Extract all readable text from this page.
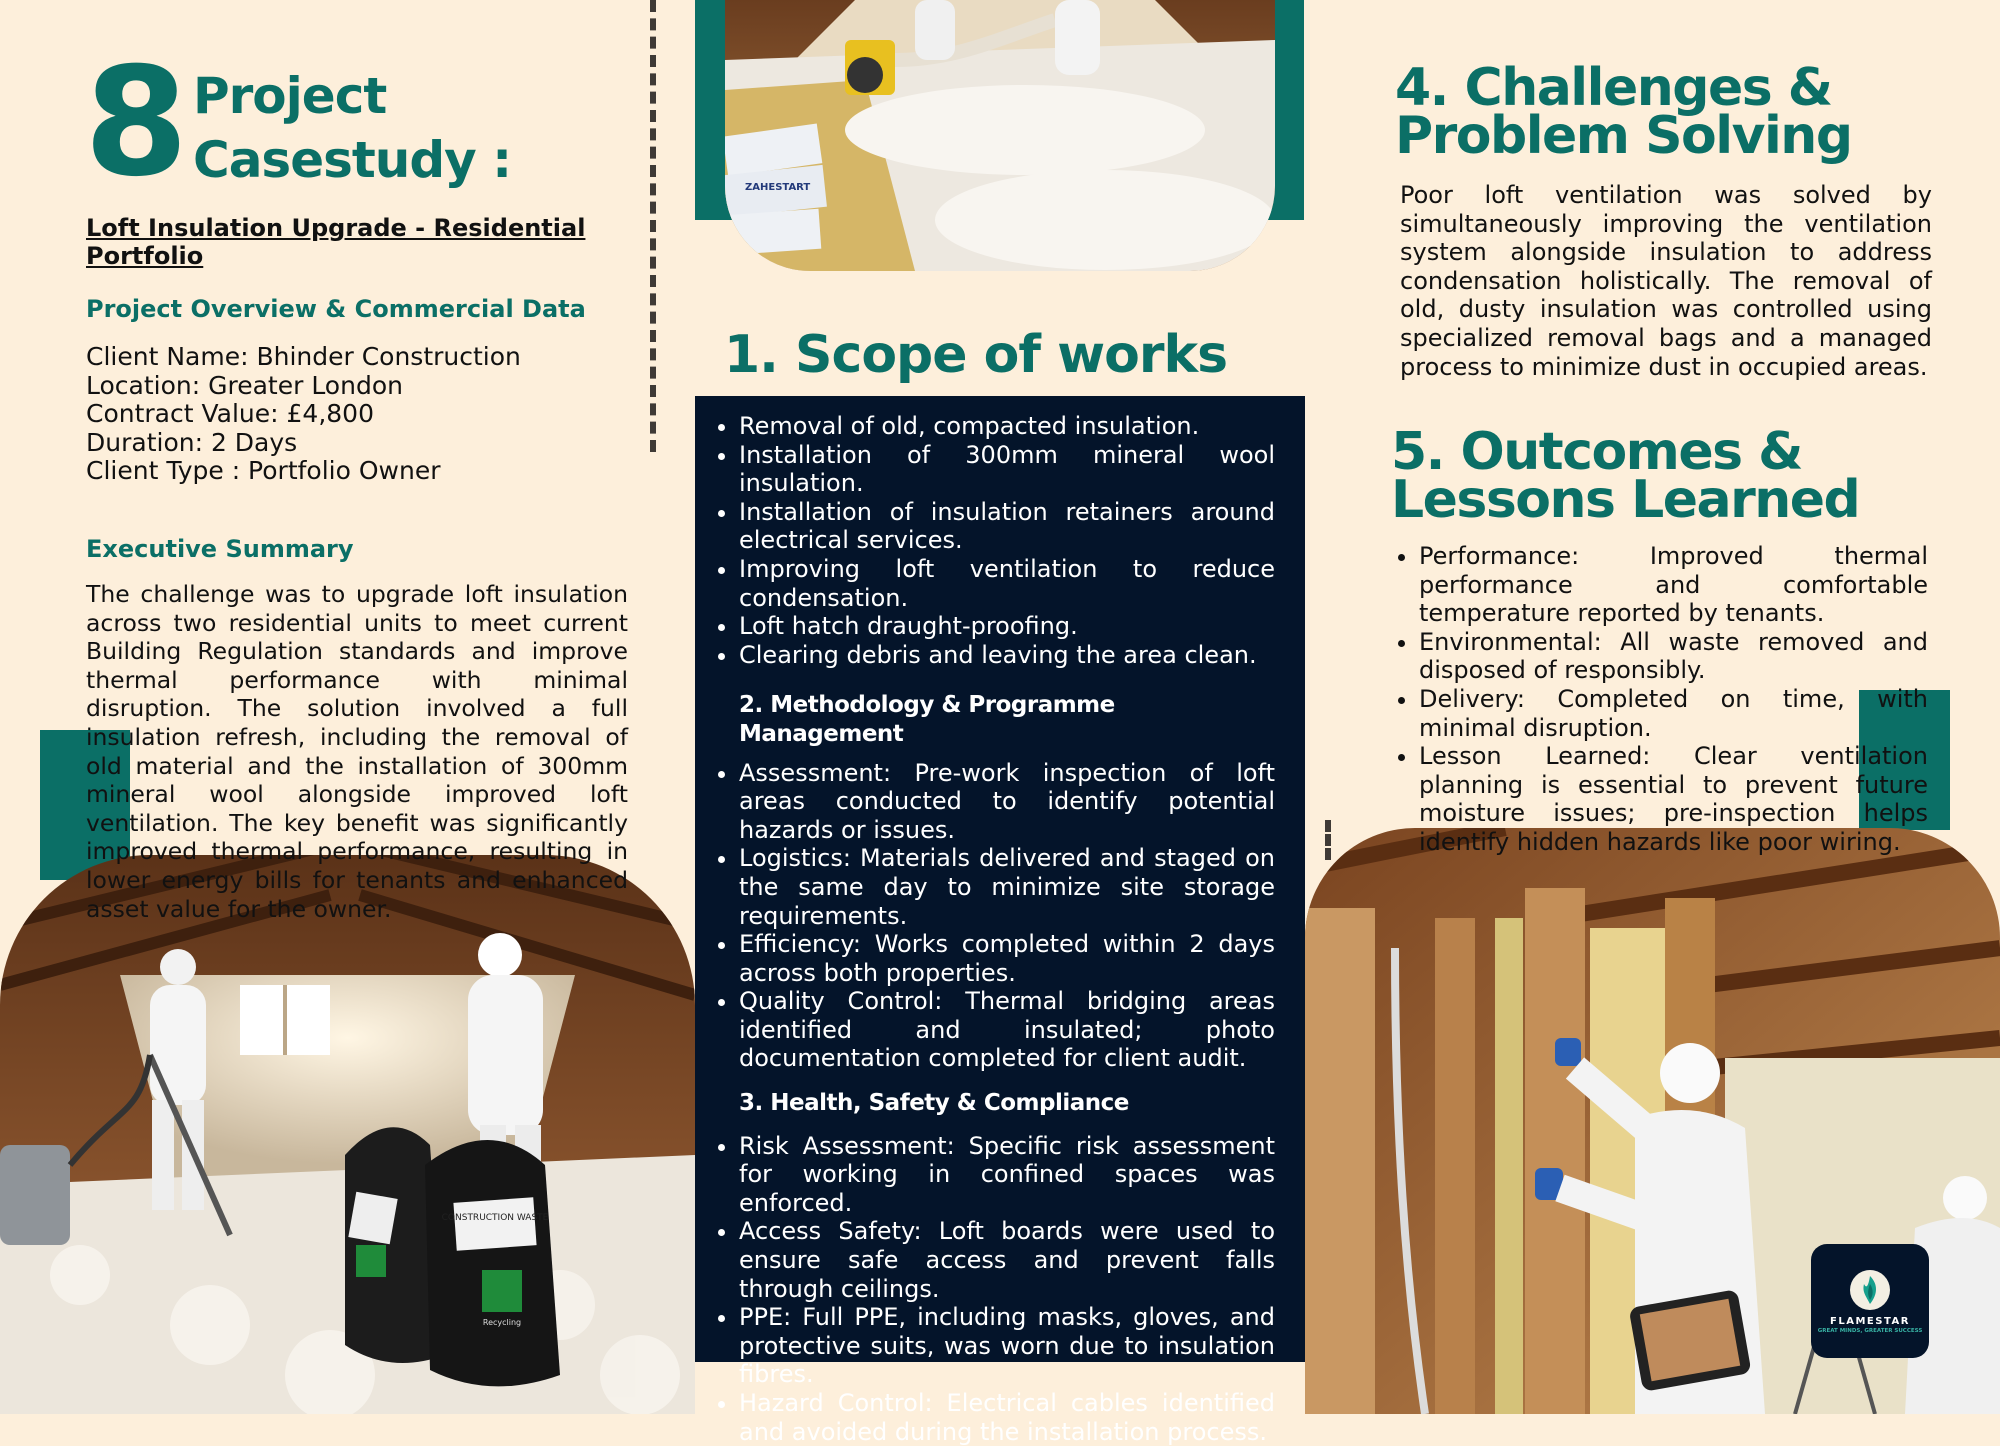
8 Project
Casestudy :
Loft Insulation Upgrade - Residential
Portfolio
Project Overview & Commercial Data
Client Name: Bhinder Construction
Location: Greater London
Contract Value: £4,800
Duration: 2 Days
Client Type : Portfolio Owner
Executive Summary
The challenge was to upgrade loft insulation across two residential units to meet current Building Regulation standards and improve thermal performance with minimal disruption. The solution involved a full insulation refresh, including the removal of old material and the installation of 300mm mineral wool alongside improved loft ventilation. The key benefit was significantly improved thermal performance, resulting in lower energy bills for tenants and enhanced asset value for the owner.
CONSTRUCTION WASTE
Recycling
ZAHESTART
1. Scope of works
• Removal of old, compacted insulation.
• Installation of 300mm mineral wool insulation.
• Installation of insulation retainers around electrical services.
• Improving loft ventilation to reduce condensation.
• Loft hatch draught-proofing.
• Clearing debris and leaving the area clean.
2. Methodology & Programme Management
• Assessment: Pre-work inspection of loft areas conducted to identify potential hazards or issues.
• Logistics: Materials delivered and staged on the same day to minimize site storage requirements.
• Efficiency: Works completed within 2 days across both properties.
• Quality Control: Thermal bridging areas identified and insulated; photo documentation completed for client audit.
3. Health, Safety & Compliance
• Risk Assessment: Specific risk assessment for working in confined spaces was enforced.
• Access Safety: Loft boards were used to ensure safe access and prevent falls through ceilings.
• PPE: Full PPE, including masks, gloves, and protective suits, was worn due to insulation fibres.
• Hazard Control: Electrical cables identified and avoided during the installation process.
4. Challenges &
Problem Solving
Poor loft ventilation was solved by simultaneously improving the ventilation system alongside insulation to address condensation holistically. The removal of old, dusty insulation was controlled using specialized removal bags and a managed process to minimize dust in occupied areas.
5. Outcomes &
Lessons Learned
• Performance: Improved thermal performance and comfortable temperature reported by tenants.
• Environmental: All waste removed and disposed of responsibly.
• Delivery: Completed on time, with minimal disruption.
• Lesson Learned: Clear ventilation planning is essential to prevent future moisture issues; pre-inspection helps identify hidden hazards like poor wiring.
FLAMESTAR
GREAT MINDS, GREATER SUCCESS
